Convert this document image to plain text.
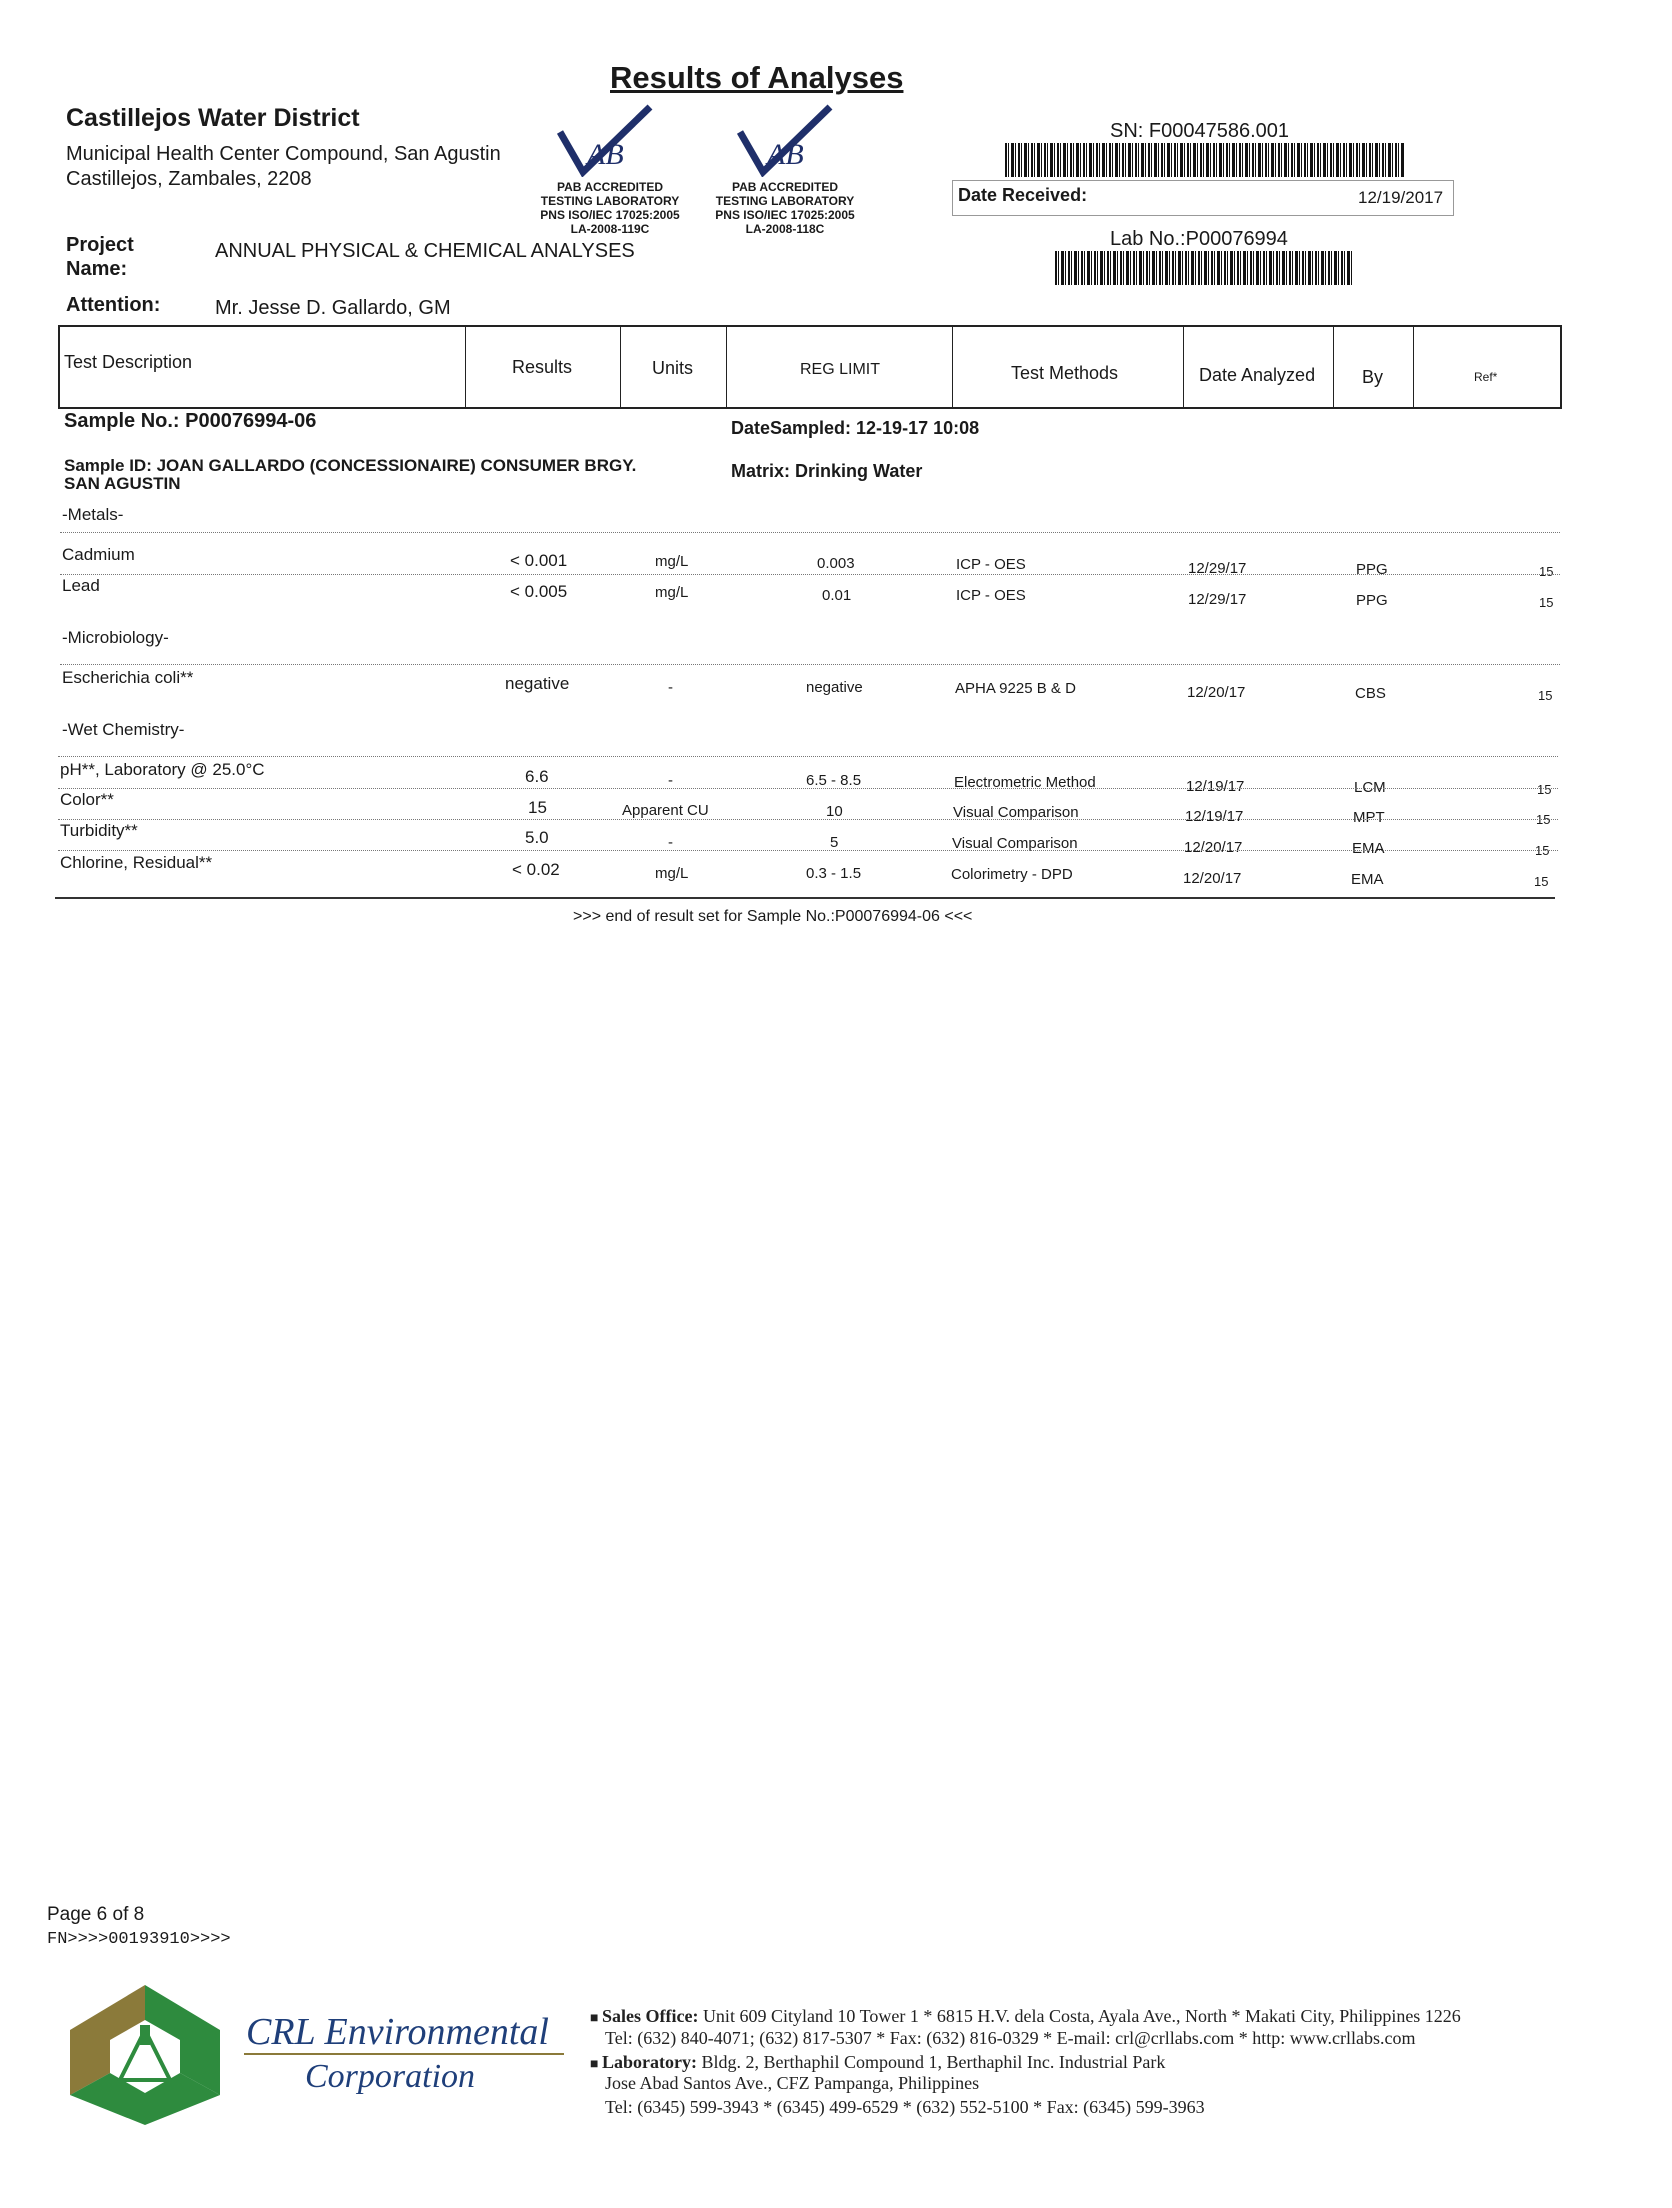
Results of Analyses
Castillejos Water District
Municipal Health Center Compound, San Agustin
Castillejos, Zambales, 2208
AB
PAB ACCREDITED
TESTING LABORATORY
PNS ISO/IEC 17025:2005
LA-2008-119C
AB
PAB ACCREDITED
TESTING LABORATORY
PNS ISO/IEC 17025:2005
LA-2008-118C
SN: F00047586.001
Date Received:	12/19/2017
Lab No.:P00076994
Project
Name:
ANNUAL PHYSICAL & CHEMICAL ANALYSES
Attention:	Mr. Jesse D. Gallardo, GM
Test Description	Results	Units	REG LIMIT	Test Methods	Date Analyzed	By	Ref*
Sample No.: P00076994-06	DateSampled: 12-19-17 10:08
Sample ID: JOAN GALLARDO (CONCESSIONAIRE) CONSUMER BRGY.
SAN AGUSTIN
Matrix: Drinking Water
-Metals-
Cadmium	< 0.001	mg/L	0.003	ICP - OES	12/29/17	PPG	15
Lead	< 0.005	mg/L	0.01	ICP - OES	12/29/17	PPG	15
-Microbiology-
Escherichia coli**	negative	-	negative	APHA 9225 B & D	12/20/17	CBS	15
-Wet Chemistry-
pH**, Laboratory @ 25.0°C	6.6	-	6.5 - 8.5	Electrometric Method	12/19/17	LCM	15
Color**	15	Apparent CU	10	Visual Comparison	12/19/17	MPT	15
Turbidity**	5.0	-	5	Visual Comparison	12/20/17	EMA	15
Chlorine, Residual**	< 0.02	mg/L	0.3 - 1.5	Colorimetry - DPD	12/20/17	EMA	15
>>> end of result set for Sample No.:P00076994-06 <<<
Page 6 of 8
FN>>>>00193910>>>>
CRL Environmental
Corporation
■ Sales Office: Unit 609 Cityland 10 Tower 1 * 6815 H.V. dela Costa, Ayala Ave., North * Makati City, Philippines 1226
Tel: (632) 840-4071; (632) 817-5307 * Fax: (632) 816-0329 * E-mail: crl@crllabs.com * http: www.crllabs.com
■ Laboratory: Bldg. 2, Berthaphil Compound 1, Berthaphil Inc. Industrial Park
Jose Abad Santos Ave., CFZ Pampanga, Philippines
Tel: (6345) 599-3943 * (6345) 499-6529 * (632) 552-5100 * Fax: (6345) 599-3963
